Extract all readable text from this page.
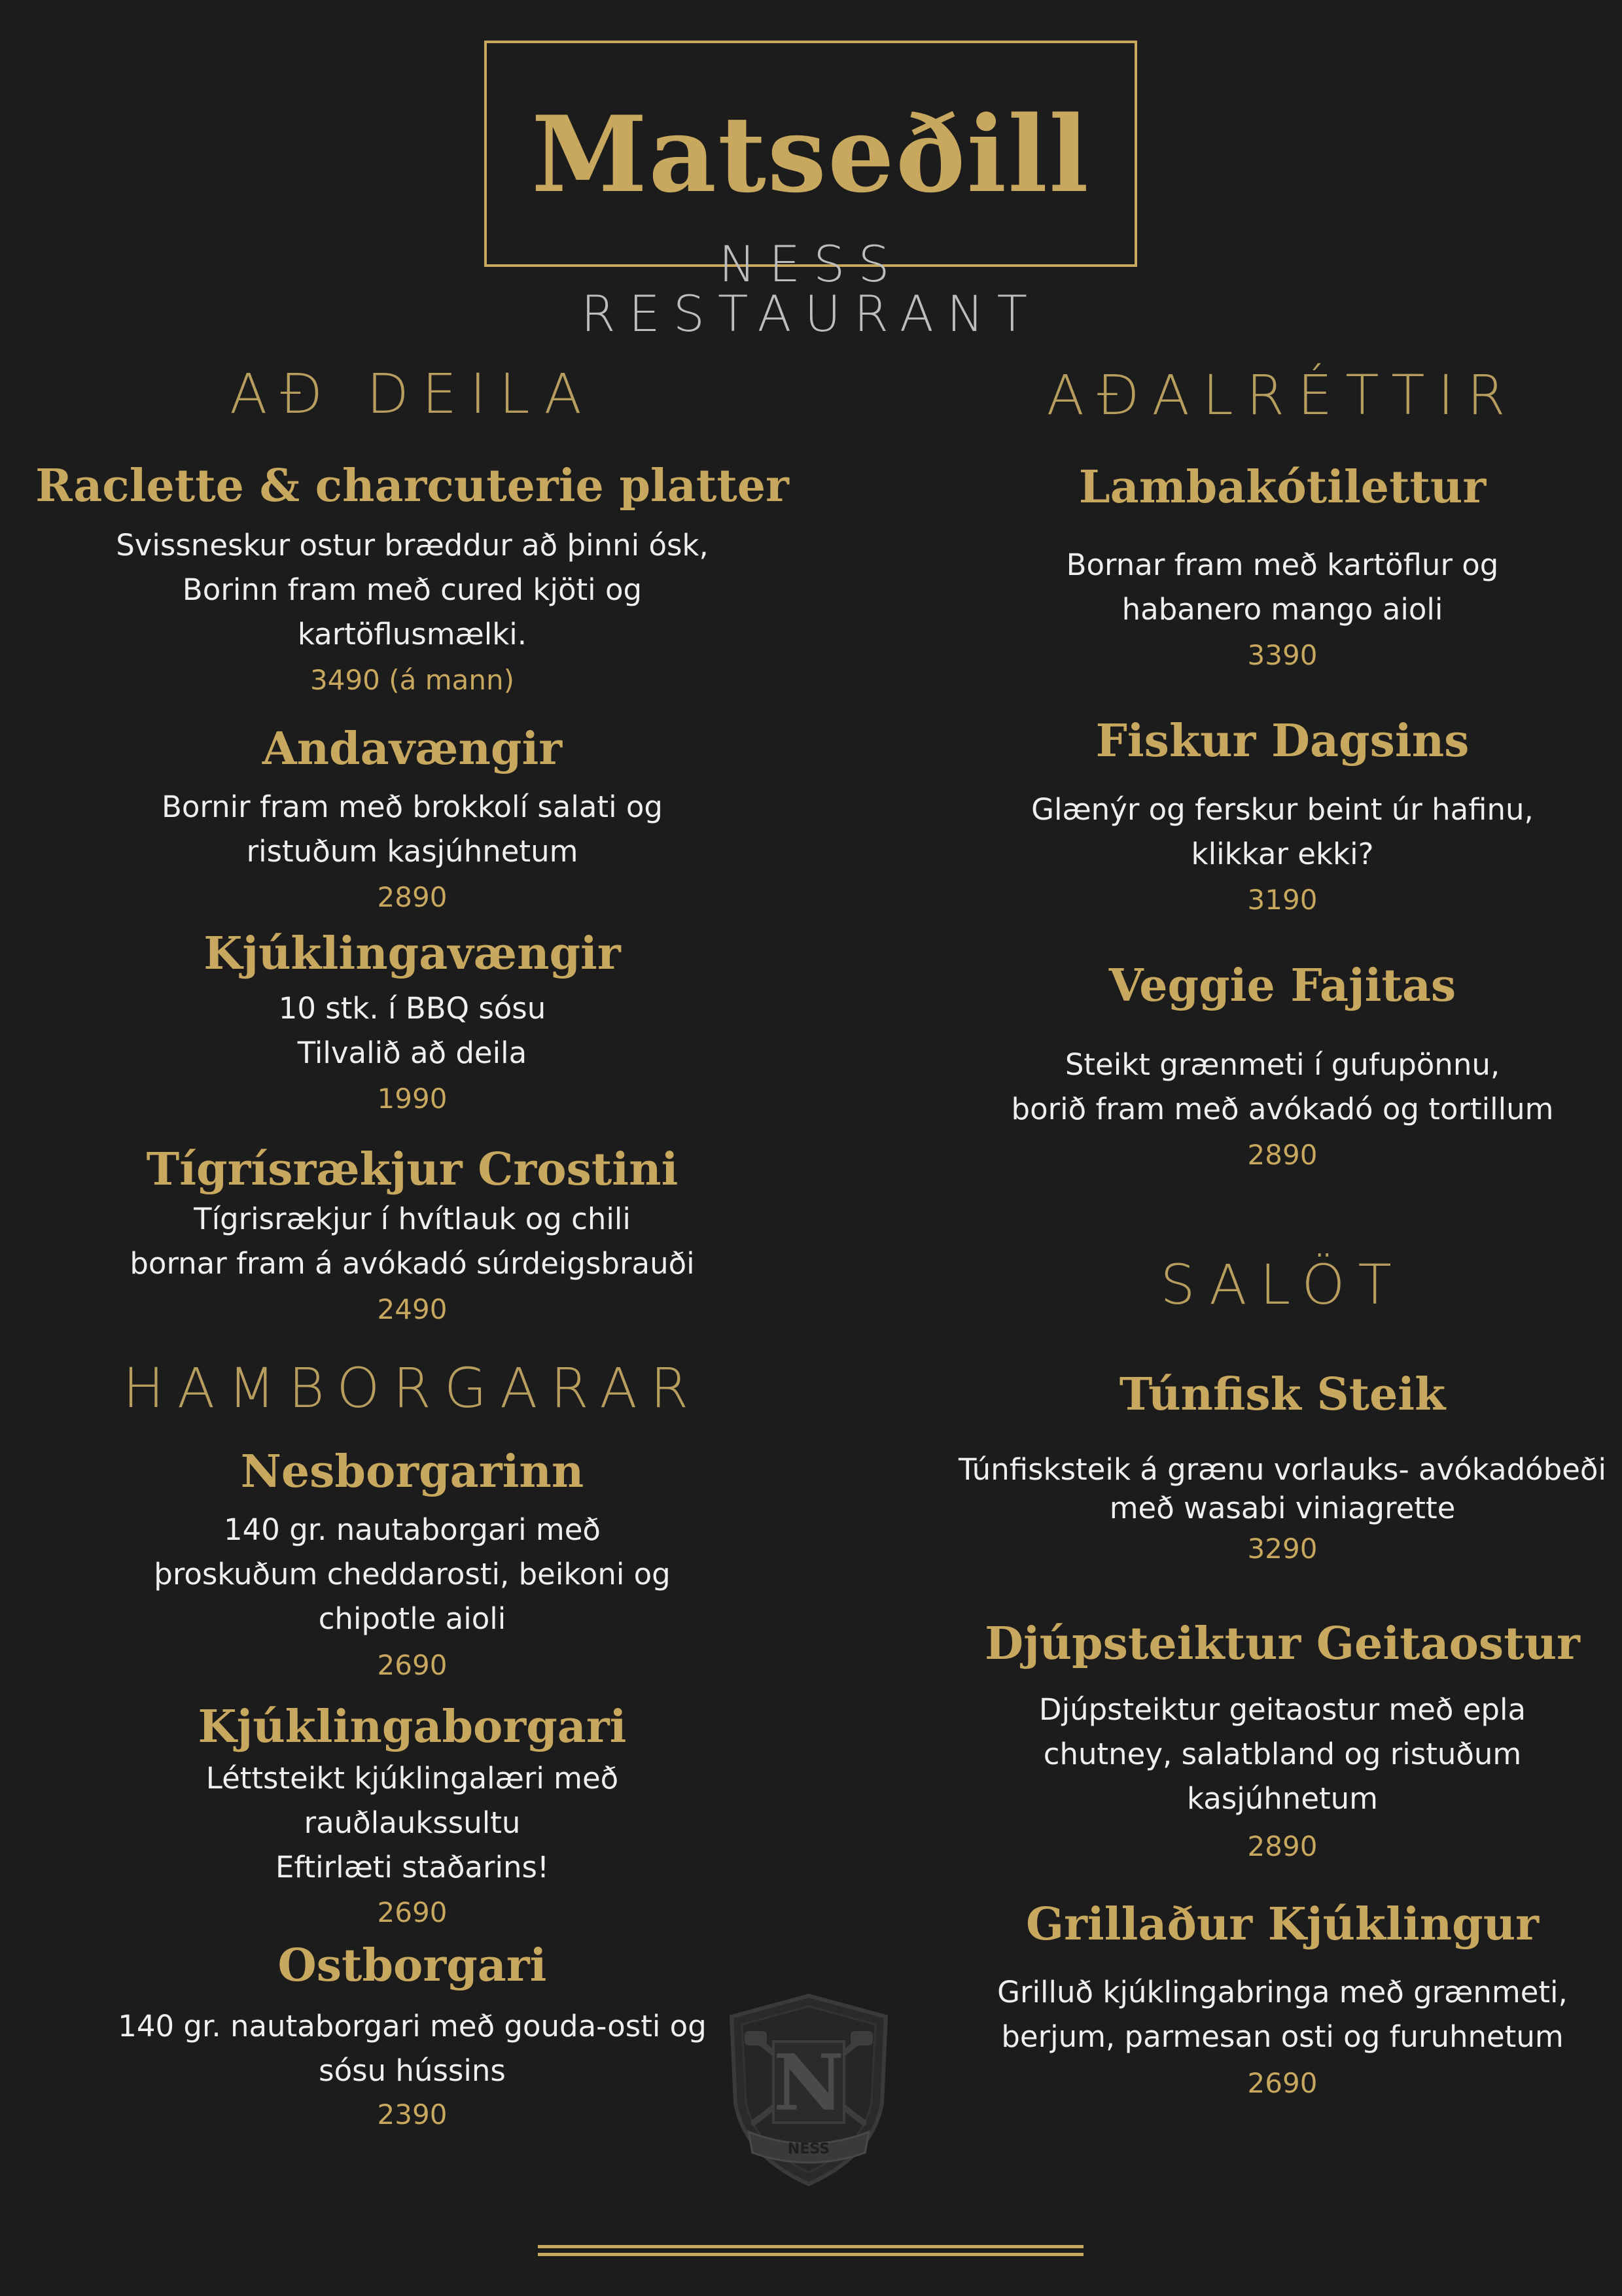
Matseðill
NESS RESTAURANT
AÐ DEILA
Raclette & charcuterie platter
Svissneskur ostur bræddur að þinni ósk,
Borinn fram með cured kjöti og
kartöflusmælki.
3490 (á mann)
Andavængir
Bornir fram með brokkolí salati og
ristuðum kasjúhnetum
2890
Kjúklingavængir
10 stk. í BBQ sósu
Tilvalið að deila
1990
Tígrísrækjur Crostini
Tígrisrækjur í hvítlauk og chili
bornar fram á avókadó súrdeigsbrauði
2490
HAMBORGARAR
Nesborgarinn
140 gr. nautaborgari með
þroskuðum cheddarosti, beikoni og
chipotle aioli
2690
Kjúklingaborgari
Léttsteikt kjúklingalæri með
rauðlaukssultu
Eftirlæti staðarins!
2690
Ostborgari
140 gr. nautaborgari með gouda-osti og
sósu hússins
2390
AÐALRÉTTIR
Lambakótilettur
Bornar fram með kartöflur og
habanero mango aioli
3390
Fiskur Dagsins
Glænýr og ferskur beint úr hafinu,
klikkar ekki?
3190
Veggie Fajitas
Steikt grænmeti í gufupönnu,
borið fram með avókadó og tortillum
2890
SALÖT
Túnfisk Steik
Túnfisksteik á grænu vorlauks- avókadóbeði
með wasabi viniagrette
3290
Djúpsteiktur Geitaostur
Djúpsteiktur geitaostur með epla
chutney, salatbland og ristuðum
kasjúhnetum
2890
Grillaður Kjúklingur
Grilluð kjúklingabringa með grænmeti,
berjum, parmesan osti og furuhnetum
2690
N
NESS
